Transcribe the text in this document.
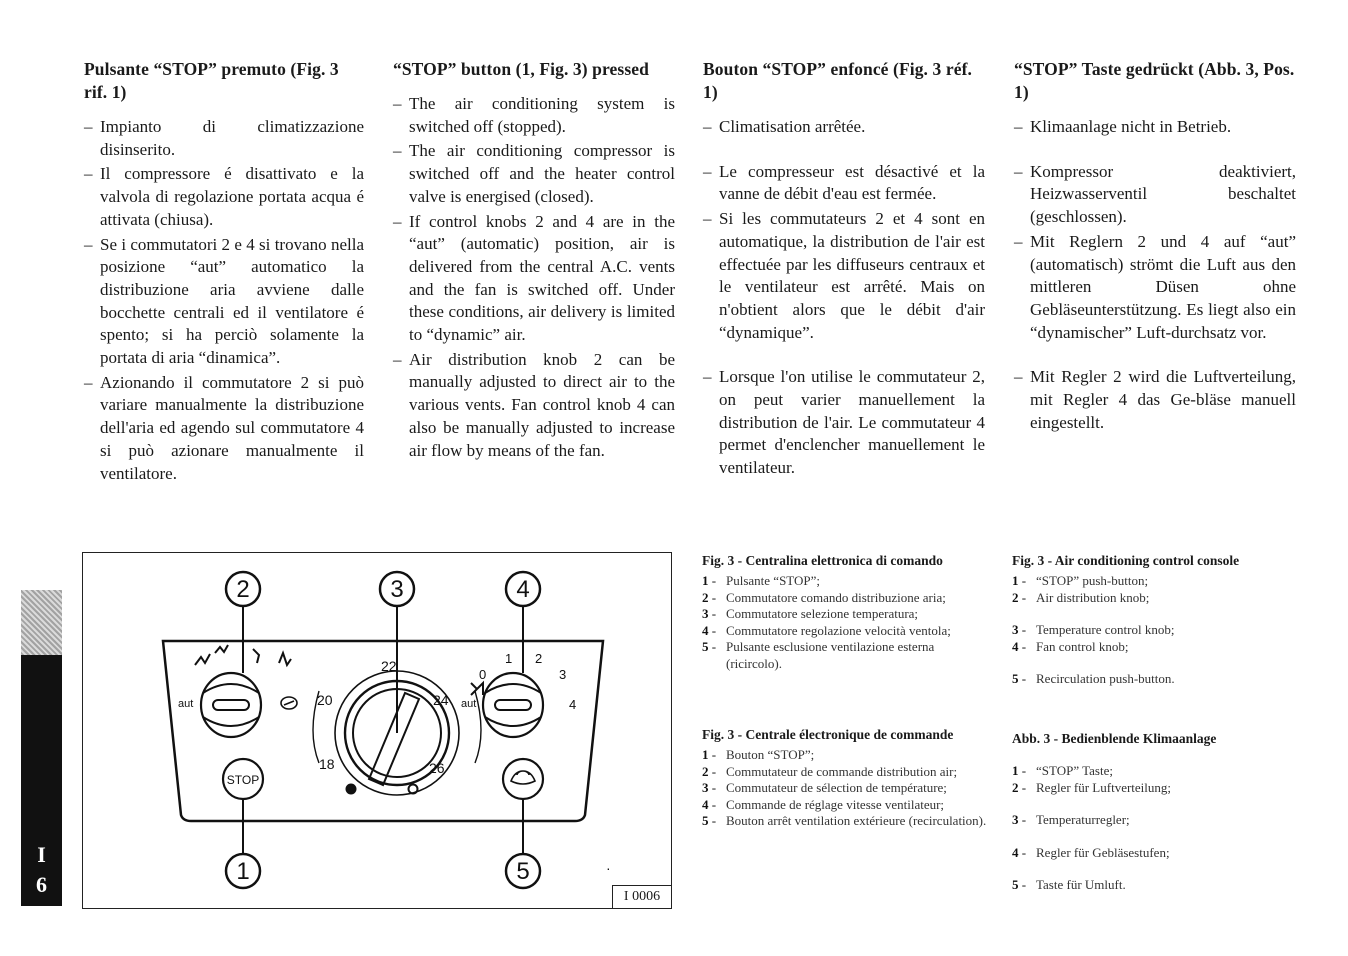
Pulsante “STOP” premuto (Fig. 3 rif. 1)
– Impianto di climatizzazione disinserito.
– Il compressore é disattivato e la valvola di regolazione portata acqua é attivata (chiusa).
– Se i commutatori 2 e 4 si trovano nella posizione “aut” automatico la distribuzione aria avviene dalle bocchette centrali ed il ventilatore é spento; si ha perciò solamente la portata di aria “dinamica”.
– Azionando il commutatore 2 si può variare manualmente la distribuzione dell'aria ed agendo sul commutatore 4 si può azionare manualmente il ventilatore.
“STOP” button (1, Fig. 3) pressed
– The air conditioning system is switched off (stopped).
– The air conditioning compressor is switched off and the heater control valve is energised (closed).
– If control knobs 2 and 4 are in the “aut” (automatic) position, air is delivered from the central A.C. vents and the fan is switched off. Under these conditions, air delivery is limited to “dynamic” air.
– Air distribution knob 2 can be manually adjusted to direct air to the various vents. Fan control knob 4 can also be manually adjusted to increase air flow by means of the fan.
Bouton “STOP” enfoncé (Fig. 3 réf. 1)
– Climatisation arrêtée.
– Le compresseur est désactivé et la vanne de débit d'eau est fermée.
– Si les commutateurs 2 et 4 sont en automatique, la distribution de l'air est effectuée par les diffuseurs centraux et le ventilateur est arrêté. Mais on n'obtient alors que le débit d'air “dynamique”.
– Lorsque l'on utilise le commutateur 2, on peut varier manuellement la distribution de l'air. Le commutateur 4 permet d'enclencher manuellement le ventilateur.
“STOP” Taste gedrückt (Abb. 3, Pos. 1)
– Klimaanlage nicht in Betrieb.
– Kompressor deaktiviert, Heizwasserventil beschaltet (geschlossen).
– Mit Reglern 2 und 4 auf “aut” (automatisch) strömt die Luft aus den mittleren Düsen ohne Gebläseunterstützung. Es liegt also ein “dynamischer” Luft-durchsatz vor.
– Mit Regler 2 wird die Luftverteilung, mit Regler 4 das Ge-bläse manuell eingestellt.
I
6
2	3	4
1	5
aut
STOP
22
20	24
18	26
aut
0
1 2
3
4
·
I 0006
Fig. 3 - Centralina elettronica di comando
1 -	Pulsante “STOP”;
2 -	Commutatore comando distribuzione aria;
3 -	Commutatore selezione temperatura;
4 -	Commutatore regolazione velocità ventola;
5 -	Pulsante esclusione ventilazione esterna (ricircolo).
Fig. 3 - Air conditioning control console
1 -	“STOP” push-button;
2 -	Air distribution knob;
3 -	Temperature control knob;
4 -	Fan control knob;
5 -	Recirculation push-button.
Fig. 3 - Centrale électronique de commande
1 -	Bouton “STOP”;
2 -	Commutateur de commande distribution air;
3 -	Commutateur de sélection de température;
4 -	Commande de réglage vitesse ventilateur;
5 -	Bouton arrêt ventilation extérieure (recirculation).
Abb. 3 - Bedienblende Klimaanlage
1 -	“STOP” Taste;
2 -	Regler für Luftverteilung;
3 -	Temperaturregler;
4 -	Regler für Gebläsestufen;
5 -	Taste für Umluft.
